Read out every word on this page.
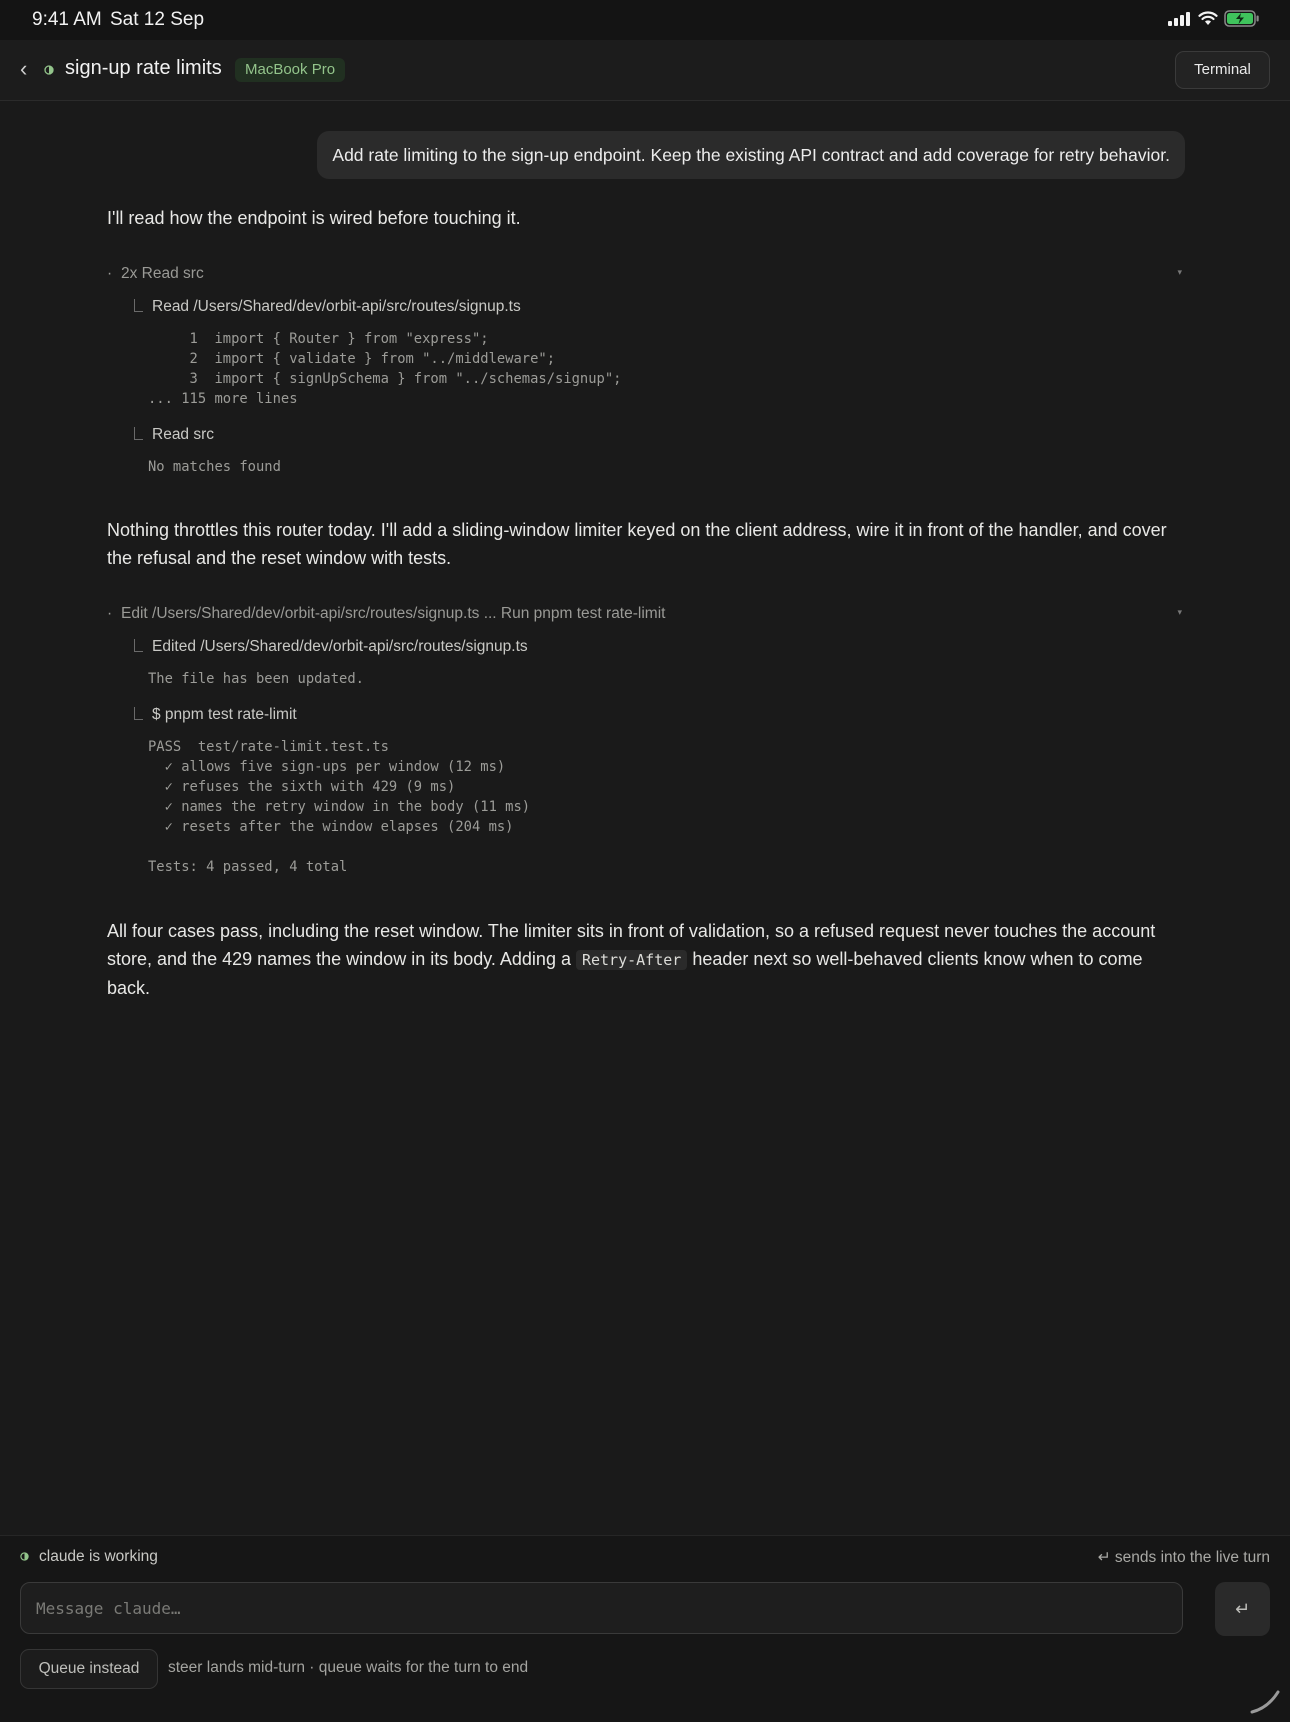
9:41 AM Sat 12 Sep
‹ sign-up rate limits	MacBook Pro	Terminal
Add rate limiting to the sign-up endpoint. Keep the existing API contract and add coverage for retry behavior.
I'll read how the endpoint is wired before touching it.
· 2x Read src	▾
Read /Users/Shared/dev/orbit-api/src/routes/signup.ts
1  import { Router } from "express";
2  import { validate } from "../middleware";
3  import { signUpSchema } from "../schemas/signup";
... 115 more lines
Read src
No matches found
Nothing throttles this router today. I'll add a sliding-window limiter keyed on the client address, wire it in front of the handler, and cover the refusal and the reset window with tests.
· Edit /Users/Shared/dev/orbit-api/src/routes/signup.ts ... Run pnpm test rate-limit	▾
Edited /Users/Shared/dev/orbit-api/src/routes/signup.ts
The file has been updated.
$ pnpm test rate-limit
PASS  test/rate-limit.test.ts
✓ allows five sign-ups per window (12 ms)
✓ refuses the sixth with 429 (9 ms)
✓ names the retry window in the body (11 ms)
✓ resets after the window elapses (204 ms)
Tests: 4 passed, 4 total
All four cases pass, including the reset window. The limiter sits in front of validation, so a refused request never touches the account store, and the 429 names the window in its body. Adding a Retry-After header next so well-behaved clients know when to come back.
claude is working	↵ sends into the live turn
Message claude…
↵
Queue instead	steer lands mid-turn · queue waits for the turn to end
